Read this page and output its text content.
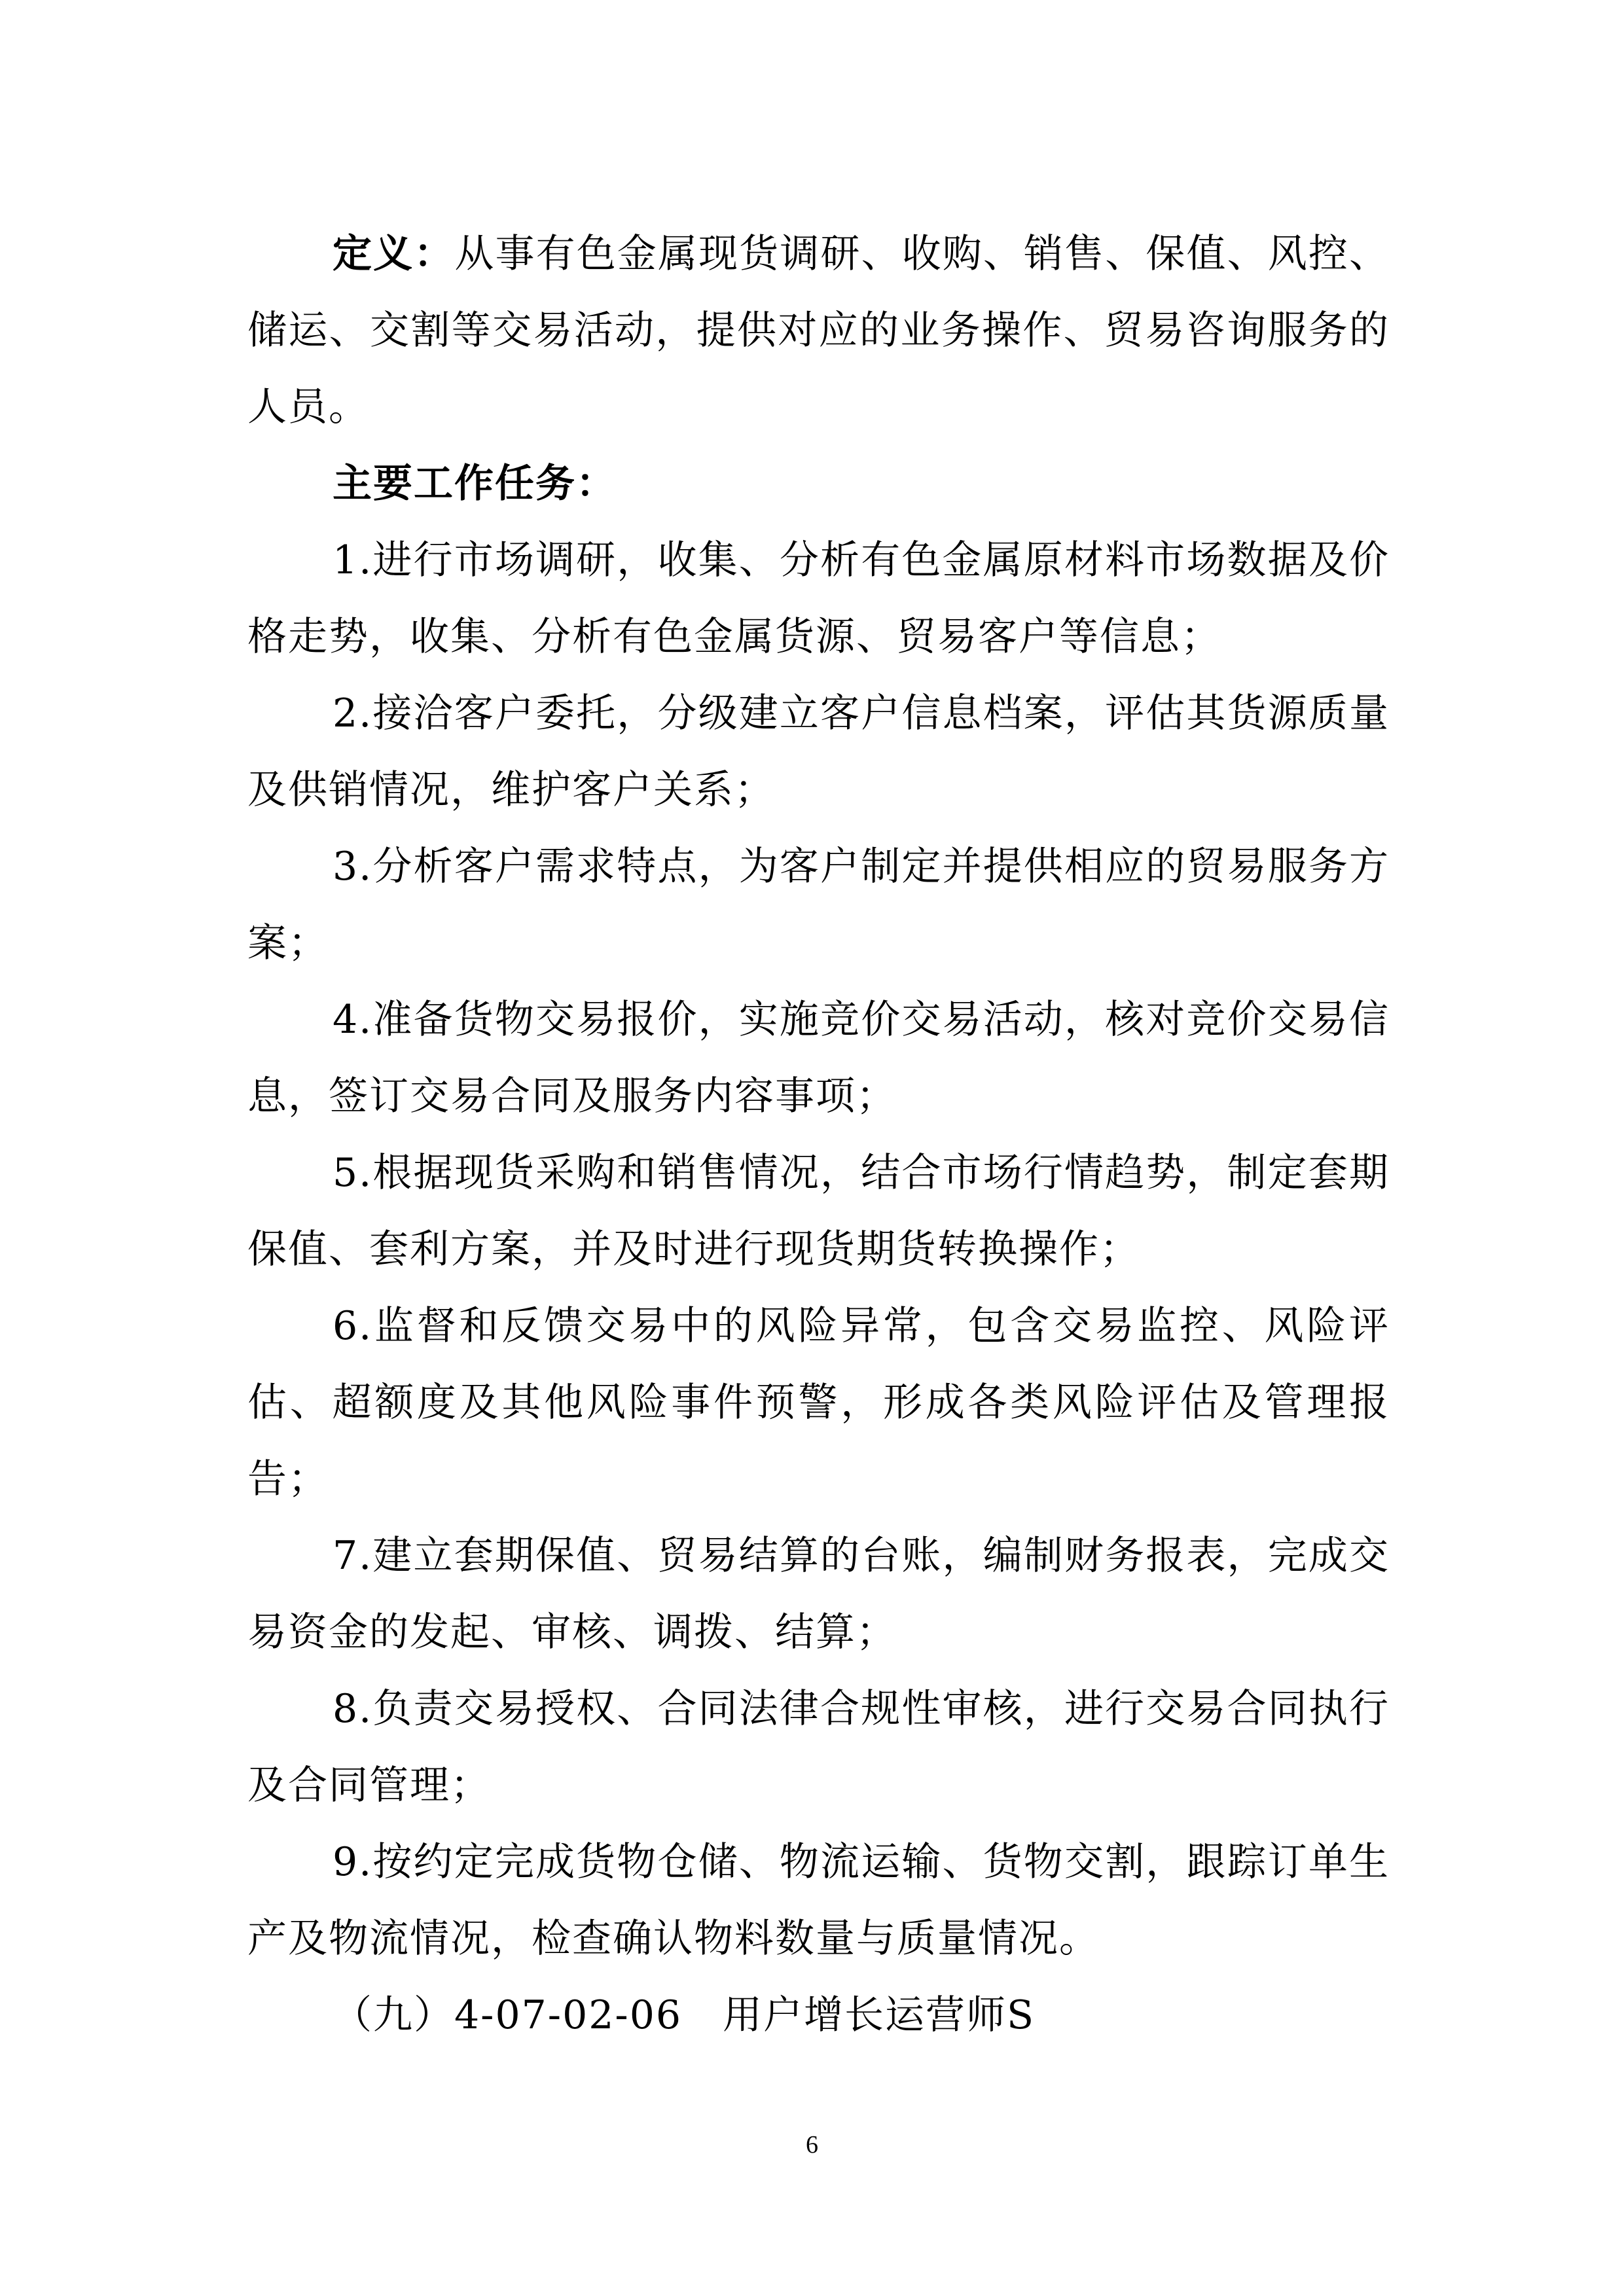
定义：从事有色金属现货调研、收购、销售、保值、风控、储运、交割等交易活动，提供对应的业务操作、贸易咨询服务的人员。

主要工作任务：

1.进行市场调研，收集、分析有色金属原材料市场数据及价格走势，收集、分析有色金属货源、贸易客户等信息；

2.接洽客户委托，分级建立客户信息档案，评估其货源质量及供销情况，维护客户关系；

3.分析客户需求特点，为客户制定并提供相应的贸易服务方案；

4.准备货物交易报价，实施竞价交易活动，核对竞价交易信息，签订交易合同及服务内容事项；

5.根据现货采购和销售情况，结合市场行情趋势，制定套期保值、套利方案，并及时进行现货期货转换操作；

6.监督和反馈交易中的风险异常，包含交易监控、风险评估、超额度及其他风险事件预警，形成各类风险评估及管理报告；

7.建立套期保值、贸易结算的台账，编制财务报表，完成交易资金的发起、审核、调拨、结算；

8.负责交易授权、合同法律合规性审核，进行交易合同执行及合同管理；

9.按约定完成货物仓储、物流运输、货物交割，跟踪订单生产及物流情况，检查确认物料数量与质量情况。

（九）4-07-02-06　用户增长运营师S

6
